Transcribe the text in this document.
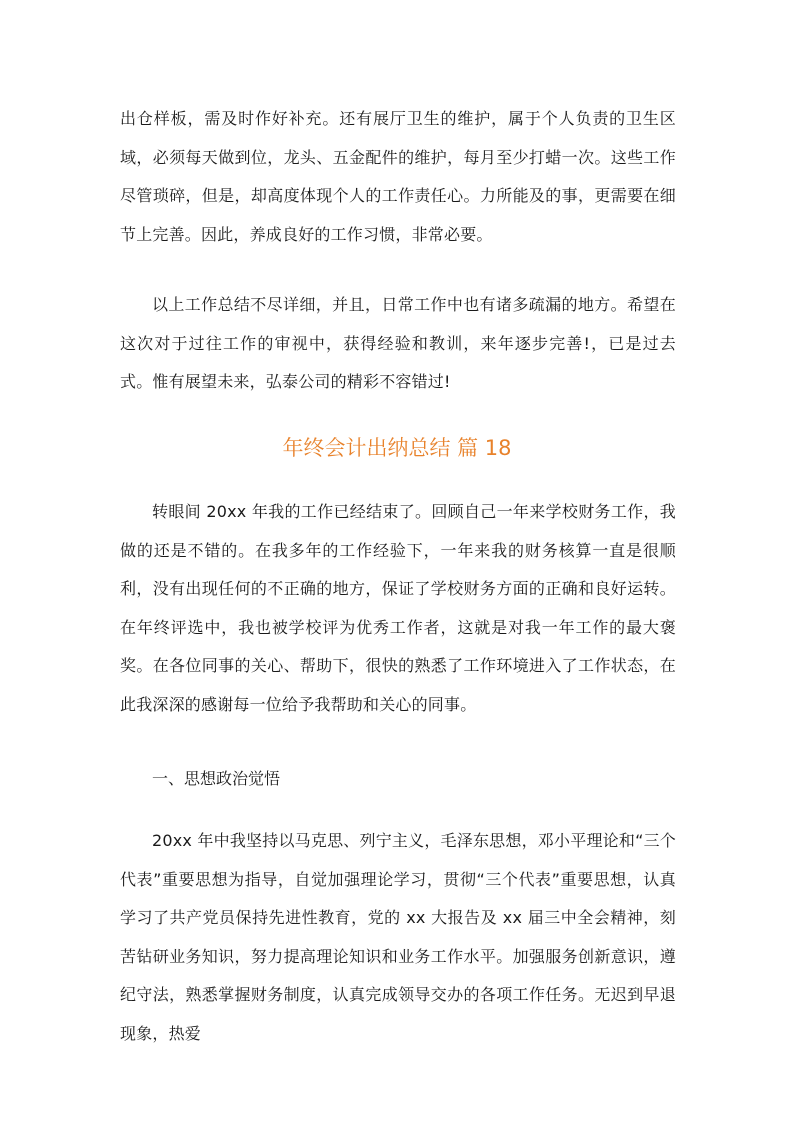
出仓样板，需及时作好补充。还有展厅卫生的维护，属于个人负责的卫生区域，必须每天做到位，龙头、五金配件的维护，每月至少打蜡一次。这些工作尽管琐碎，但是，却高度体现个人的工作责任心。力所能及的事，更需要在细节上完善。因此，养成良好的工作习惯，非常必要。

以上工作总结不尽详细，并且，日常工作中也有诸多疏漏的地方。希望在这次对于过往工作的审视中，获得经验和教训，来年逐步完善!，已是过去式。惟有展望未来，弘泰公司的精彩不容错过!

年终会计出纳总结 篇 18

转眼间 20xx 年我的工作已经结束了。回顾自己一年来学校财务工作，我做的还是不错的。在我多年的工作经验下，一年来我的财务核算一直是很顺利，没有出现任何的不正确的地方，保证了学校财务方面的正确和良好运转。在年终评选中，我也被学校评为优秀工作者，这就是对我一年工作的最大褒奖。在各位同事的关心、帮助下，很快的熟悉了工作环境进入了工作状态，在此我深深的感谢每一位给予我帮助和关心的同事。

一、思想政治觉悟

20xx 年中我坚持以马克思、列宁主义，毛泽东思想，邓小平理论和“三个代表”重要思想为指导，自觉加强理论学习，贯彻“三个代表”重要思想，认真学习了共产党员保持先进性教育，党的 xx 大报告及 xx 届三中全会精神，刻苦钻研业务知识，努力提高理论知识和业务工作水平。加强服务创新意识，遵纪守法，熟悉掌握财务制度，认真完成领导交办的各项工作任务。无迟到早退现象，热爱
